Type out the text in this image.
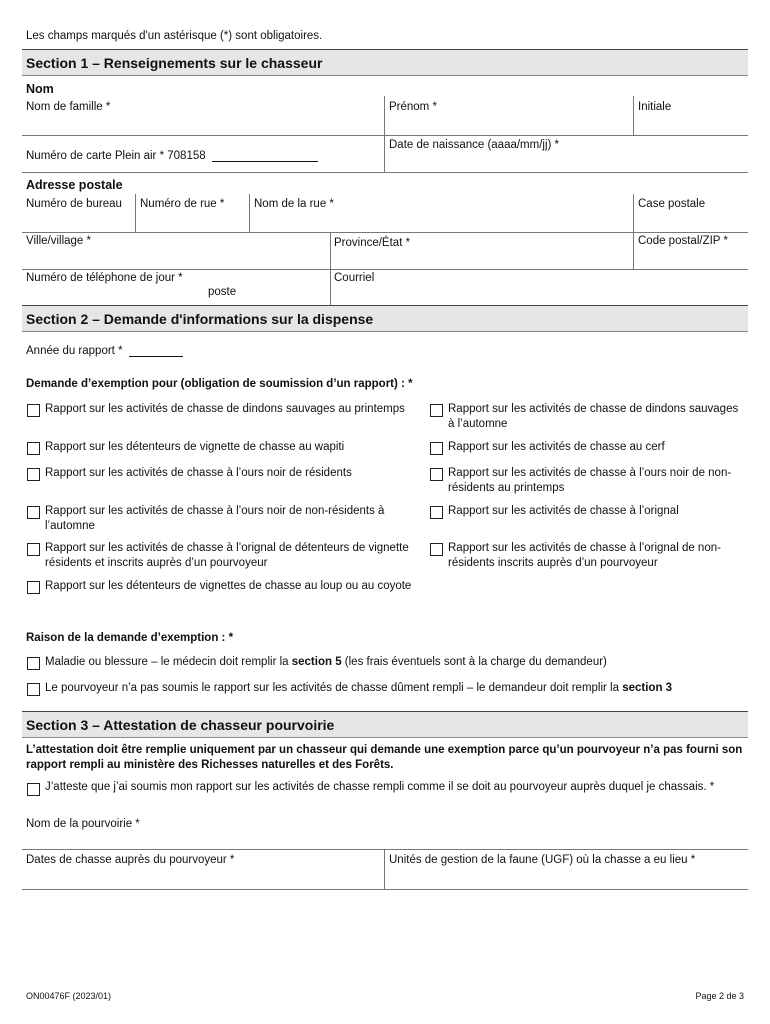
Les champs marqués d'un astérisque (*) sont obligatoires.
Section 1 – Renseignements sur le chasseur
Nom
Nom de famille *	Prénom *	Initiale
Numéro de carte Plein air * 708158
Date de naissance (aaaa/mm/jj) *
Adresse postale
Numéro de bureau Numéro de rue *	Nom de la rue *	Case postale
Ville/village *	Province/État *	Code postal/ZIP *
Numéro de téléphone de jour *
poste
Courriel
Section 2 – Demande d'informations sur la dispense
Année du rapport *
Demande d’exemption pour (obligation de soumission d’un rapport) : *
Rapport sur les activités de chasse de dindons sauvages au printemps
Rapport sur les détenteurs de vignette de chasse au wapiti
Rapport sur les activités de chasse à l’ours noir de résidents
Rapport sur les activités de chasse à l’ours noir de non-résidents à l’automne
Rapport sur les activités de chasse à l’orignal de détenteurs de vignette résidents et inscrits auprès d’un pourvoyeur
Rapport sur les détenteurs de vignettes de chasse au loup ou au coyote
Rapport sur les activités de chasse de dindons sauvages à l’automne
Rapport sur les activités de chasse au cerf
Rapport sur les activités de chasse à l’ours noir de non-résidents au printemps
Rapport sur les activités de chasse à l’orignal
Rapport sur les activités de chasse à l’orignal de non-résidents inscrits auprès d’un pourvoyeur
Raison de la demande d’exemption : *
Maladie ou blessure – le médecin doit remplir la section 5 (les frais éventuels sont à la charge du demandeur)
Le pourvoyeur n’a pas soumis le rapport sur les activités de chasse dûment rempli – le demandeur doit remplir la section 3
Section 3 – Attestation de chasseur pourvoirie
L’attestation doit être remplie uniquement par un chasseur qui demande une exemption parce qu’un pourvoyeur n’a pas fourni son rapport rempli au ministère des Richesses naturelles et des Forêts.
J’atteste que j’ai soumis mon rapport sur les activités de chasse rempli comme il se doit au pourvoyeur auprès duquel je chassais. *
Nom de la pourvoirie *
Dates de chasse auprès du pourvoyeur *	Unités de gestion de la faune (UGF) où la chasse a eu lieu *
ON00476F (2023/01)	Page 2 de 3
